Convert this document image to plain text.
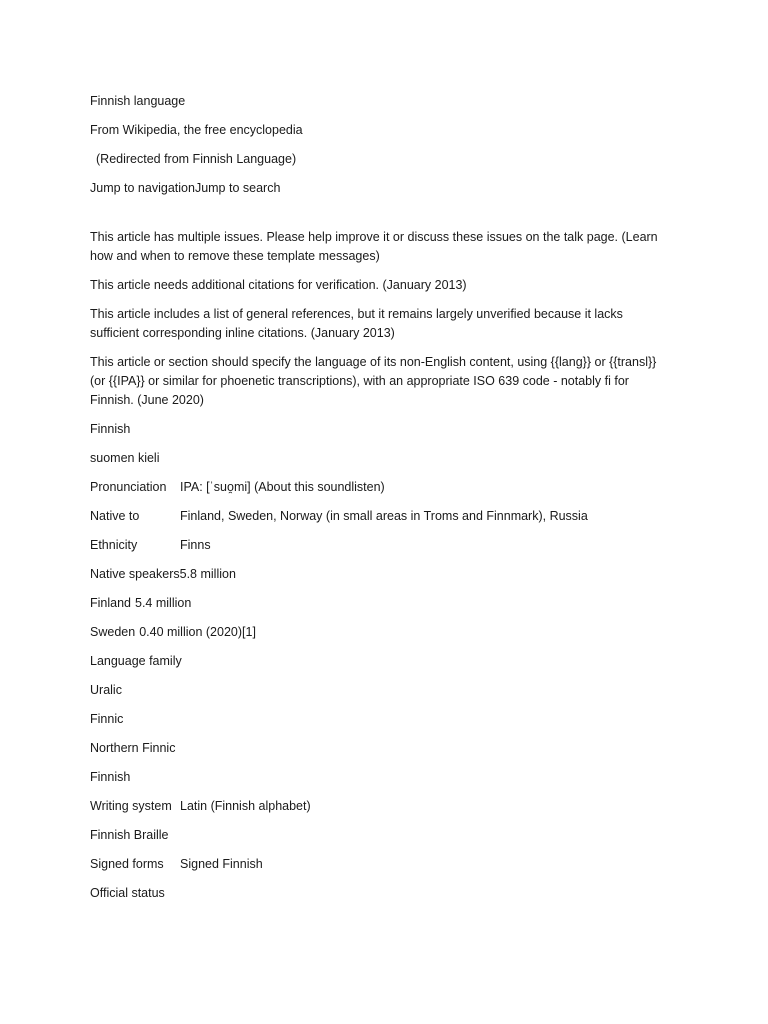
Finnish language
From Wikipedia, the free encyclopedia
(Redirected from Finnish Language)
Jump to navigationJump to search
This article has multiple issues. Please help improve it or discuss these issues on the talk page. (Learn how and when to remove these template messages)
This article needs additional citations for verification. (January 2013)
This article includes a list of general references, but it remains largely unverified because it lacks sufficient corresponding inline citations. (January 2013)
This article or section should specify the language of its non-English content, using {{lang}} or {{transl}} (or {{IPA}} or similar for phoenetic transcriptions), with an appropriate ISO 639 code - notably fi for Finnish. (June 2020)
Finnish
suomen kieli
Pronunciation	IPA: [ˈsuo̯mi] (About this soundlisten)
Native to	Finland, Sweden, Norway (in small areas in Troms and Finnmark), Russia
Ethnicity	Finns
Native speakers 5.8 million
Finland 5.4 million
Sweden 0.40 million (2020)[1]
Language family
Uralic
Finnic
Northern Finnic
Finnish
Writing system Latin (Finnish alphabet)
Finnish Braille
Signed forms	Signed Finnish
Official status
